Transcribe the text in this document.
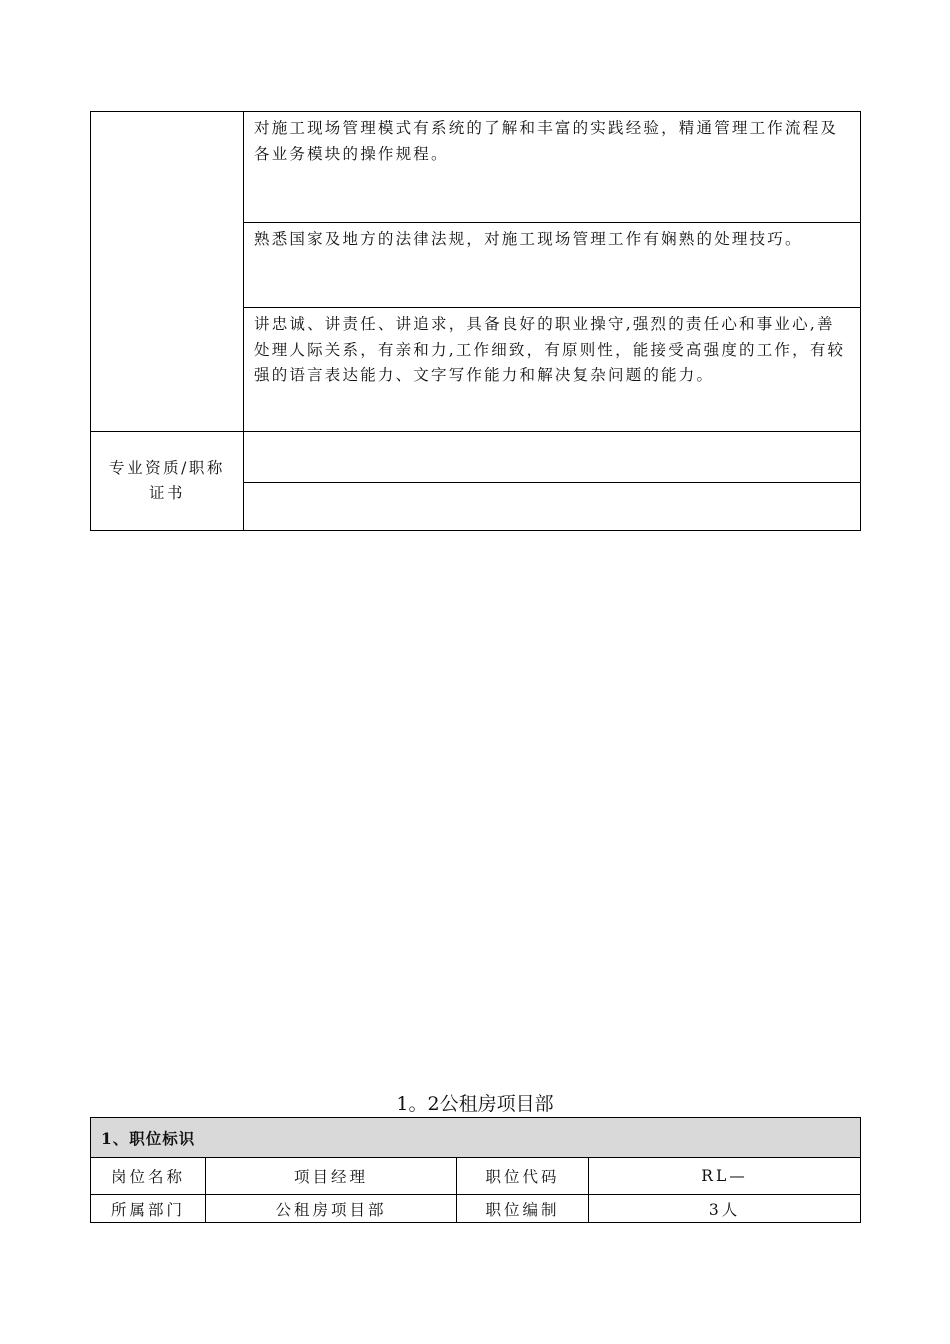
	对施工现场管理模式有系统的了解和丰富的实践经验，精通管理工作流程及各业务模块的操作规程。
	熟悉国家及地方的法律法规，对施工现场管理工作有娴熟的处理技巧。
	讲忠诚、讲责任、讲追求，具备良好的职业操守,强烈的责任心和事业心,善处理人际关系，有亲和力,工作细致，有原则性，能接受高强度的工作，有较强的语言表达能力、文字写作能力和解决复杂问题的能力。
专业资质/职称证书	

1。2公租房项目部
1、职位标识			
岗位名称	项目经理	职位代码	RL—
所属部门	公租房项目部	职位编制	3人
